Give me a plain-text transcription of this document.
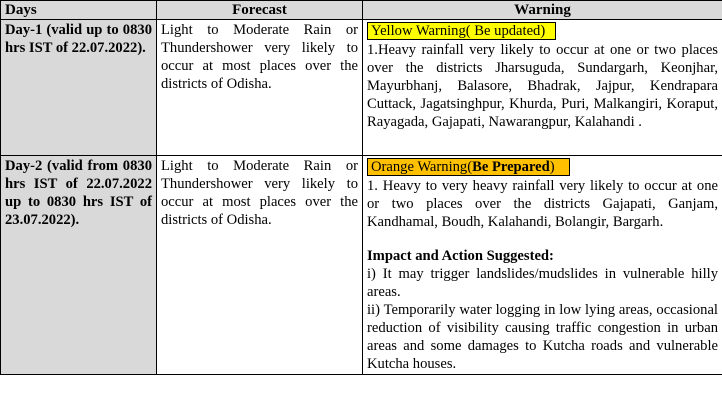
Days	Forecast	Warning
Day-1 (valid up to 0830 hrs IST of 22.07.2022).	Light to Moderate Rain or Thundershower very likely to occur at most places over the districts of Odisha.	Yellow Warning( Be updated)
1.Heavy rainfall very likely to occur at one or two places over the districts Jharsuguda, Sundargarh, Keonjhar, Mayurbhanj, Balasore, Bhadrak, Jajpur, Kendrapara Cuttack, Jagatsinghpur, Khurda, Puri, Malkangiri, Koraput, Rayagada, Gajapati, Nawarangpur, Kalahandi .

Day-2 (valid from 0830 hrs IST of 22.07.2022 up to 0830 hrs IST of 23.07.2022).	Light to Moderate Rain or Thundershower very likely to occur at most places over the districts of Odisha.	Orange Warning(Be Prepared)
1. Heavy to very heavy rainfall very likely to occur at one or two places over the districts Gajapati, Ganjam, Kandhamal, Boudh, Kalahandi, Bolangir, Bargarh.
Impact and Action Suggested:
i) It may trigger landslides/mudslides in vulnerable hilly areas.
ii) Temporarily water logging in low lying areas, occasional reduction of visibility causing traffic congestion in urban areas and some damages to Kutcha roads and vulnerable Kutcha houses.
